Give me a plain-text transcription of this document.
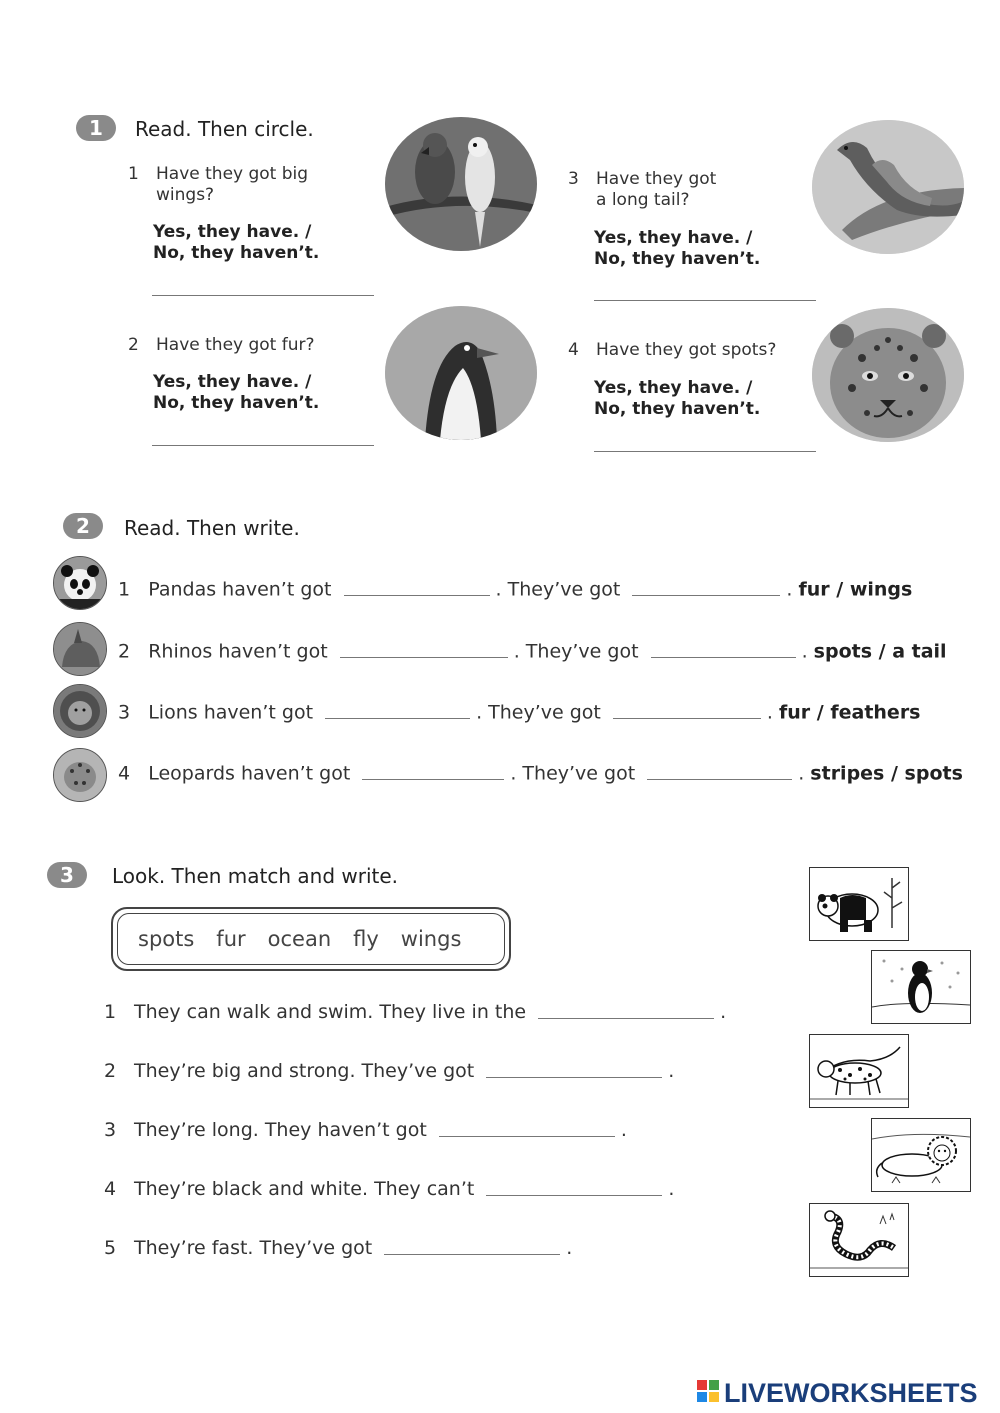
1	Read. Then circle.
1 Have they got big
wings?
Yes, they have. /
No, they haven’t.
2 Have they got fur?
Yes, they have. /
No, they haven’t.
3 Have they got
a long tail?
Yes, they have. /
No, they haven’t.
4 Have they got spots?
Yes, they have. /
No, they haven’t.
2	Read. Then write.
1 Pandas haven’t got	. They’ve got	. fur / wings
2 Rhinos haven’t got	. They’ve got	. spots / a tail
3 Lions haven’t got	. They’ve got	. fur / feathers
4 Leopards haven’t got	. They’ve got	. stripes / spots
3	Look. Then match and write.
spots fur ocean fly wings
1 They can walk and swim. They live in the	.
2 They’re big and strong. They’ve got	.
3 They’re long. They haven’t got	.
4 They’re black and white. They can’t	.
5 They’re fast. They’ve got	.
LIVEWORKSHEETS
